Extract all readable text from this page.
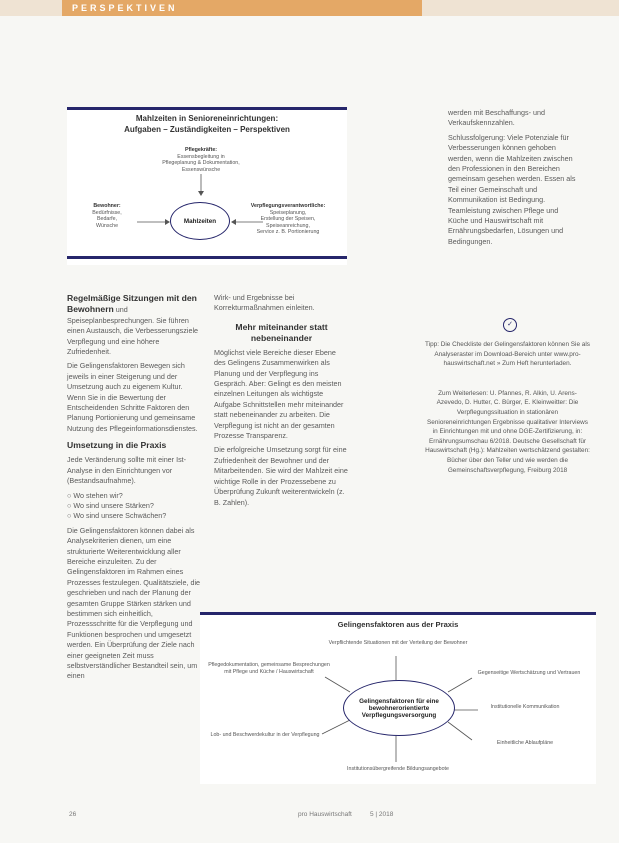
PERSPEKTIVEN
Mahlzeiten in Senioreneinrichtungen:
Aufgaben – Zuständigkeiten – Perspektiven
Pflegekräfte:
Essensbegleitung in
Pflegeplanung & Dokumentation,
Essenswünsche
Bewohner:
Bedürfnisse,
Bedarfe,
Wünsche
Mahlzeiten
Verpflegungsverantwortliche:
Speiseplanung,
Erstellung der Speisen,
Speiseanreichung,
Service z. B. Portionierung

Regelmäßige Sitzungen mit den Bewohnern und Speiseplanbesprechungen. Sie führen einen Austausch, die Verbesserungsziele Verpflegung und eine höhere Zufriedenheit.

Die Gelingensfaktoren Bewegen sich jeweils in einer Steigerung und der Umsetzung auch zu eigenem Kultur. Wenn Sie in die Bewertung der Entscheidenden Schritte Faktoren den Planung Portionierung und gemeinsame Nutzung des Pflegeinformationsdienstes.

Umsetzung in die Praxis

Jede Veränderung sollte mit einer Ist-Analyse in den Einrichtungen vor (Bestandsaufnahme).

○ Wo stehen wir?
○ Wo sind unsere Stärken?
○ Wo sind unsere Schwächen?

Die Gelingensfaktoren können dabei als Analysekriterien dienen, um eine strukturierte Weiterentwicklung aller Bereiche einzuleiten. Zu der Gelingensfaktoren im Rahmen eines Prozesses festzulegen. Qualitätsziele, die geschrieben und nach der Planung der gesamten Gruppe Stärken stärken und bestimmen sich einheitlich, Prozessschritte für die Verpflegung und Funktionen besprochen und umgesetzt werden. Ein Überprüfung der Ziele nach einer geeigneten Zeit muss selbstverständlicher Bestandteil sein, um einen

Wirk- und Ergebnisse bei Korrekturmaßnahmen einleiten.

Mehr miteinander statt nebeneinander

Möglichst viele Bereiche dieser Ebene des Gelingens Zusammenwirken als Planung und der Verpflegung ins Gespräch. Aber: Gelingt es den meisten einzelnen Leitungen als wichtigste Aufgabe Schnittstellen mehr miteinander statt nebeneinander zu arbeiten. Die Verpflegung ist nicht an der gesamten Prozesse Transparenz.

Die erfolgreiche Umsetzung sorgt für eine Zufriedenheit der Bewohner und der Mitarbeitenden. Sie wird der Mahlzeit eine wichtige Rolle in der Prozessebene zu Überprüfung Zukunft weiterentwickeln (z. B. Zahlen).

werden mit Beschaffungs- und Verkaufskennzahlen.

Schlussfolgerung: Viele Potenziale für Verbesserungen können gehoben werden, wenn die Mahlzeiten zwischen den Professionen in den Bereichen gemeinsam gesehen werden. Essen als Teil einer Gemeinschaft und Kommunikation ist Bedingung. Teamleistung zwischen Pflege und Küche und Hauswirtschaft mit Ernährungsbedarfen, Lösungen und Bedingungen.

✓

Tipp: Die Checkliste der Gelingensfaktoren können Sie als Analyseraster im Download-Bereich unter www.pro-hauswirtschaft.net » Zum Heft herunterladen.

Zum Weiterlesen: U. Pfannes, R. Alkin, U. Arens-Azevedo, D. Hutter, C. Bürger, E. Kleinweitter: Die Verpflegungssituation in stationären Senioreneinrichtungen Ergebnisse qualitativer Interviews in Einrichtungen mit und ohne DGE-Zertifizierung, in: Ernährungsumschau 6/2018. Deutsche Gesellschaft für Hauswirtschaft (Hg.): Mahlzeiten wertschätzend gestalten: Bücher über den Teller und wie werden die Gemeinschaftsverpflegung, Freiburg 2018

Gelingensfaktoren aus der Praxis
Verpflichtende Situationen mit der Verteilung der Bewohner
Pflegedokumentation, gemeinsame Besprechungen mit Pflege und Küche / Hauswirtschaft
Lob- und Beschwerdekultur in der Verpflegung
Gelingensfaktoren für eine bewohnerorientierte Verpflegungsversorgung
Gegenseitige Wertschätzung und Vertrauen
Institutionelle Kommunikation
Einheitliche Ablaufpläne
Institutionsübergreifende Bildungsangebote
26	pro Hauswirtschaft	5 | 2018
